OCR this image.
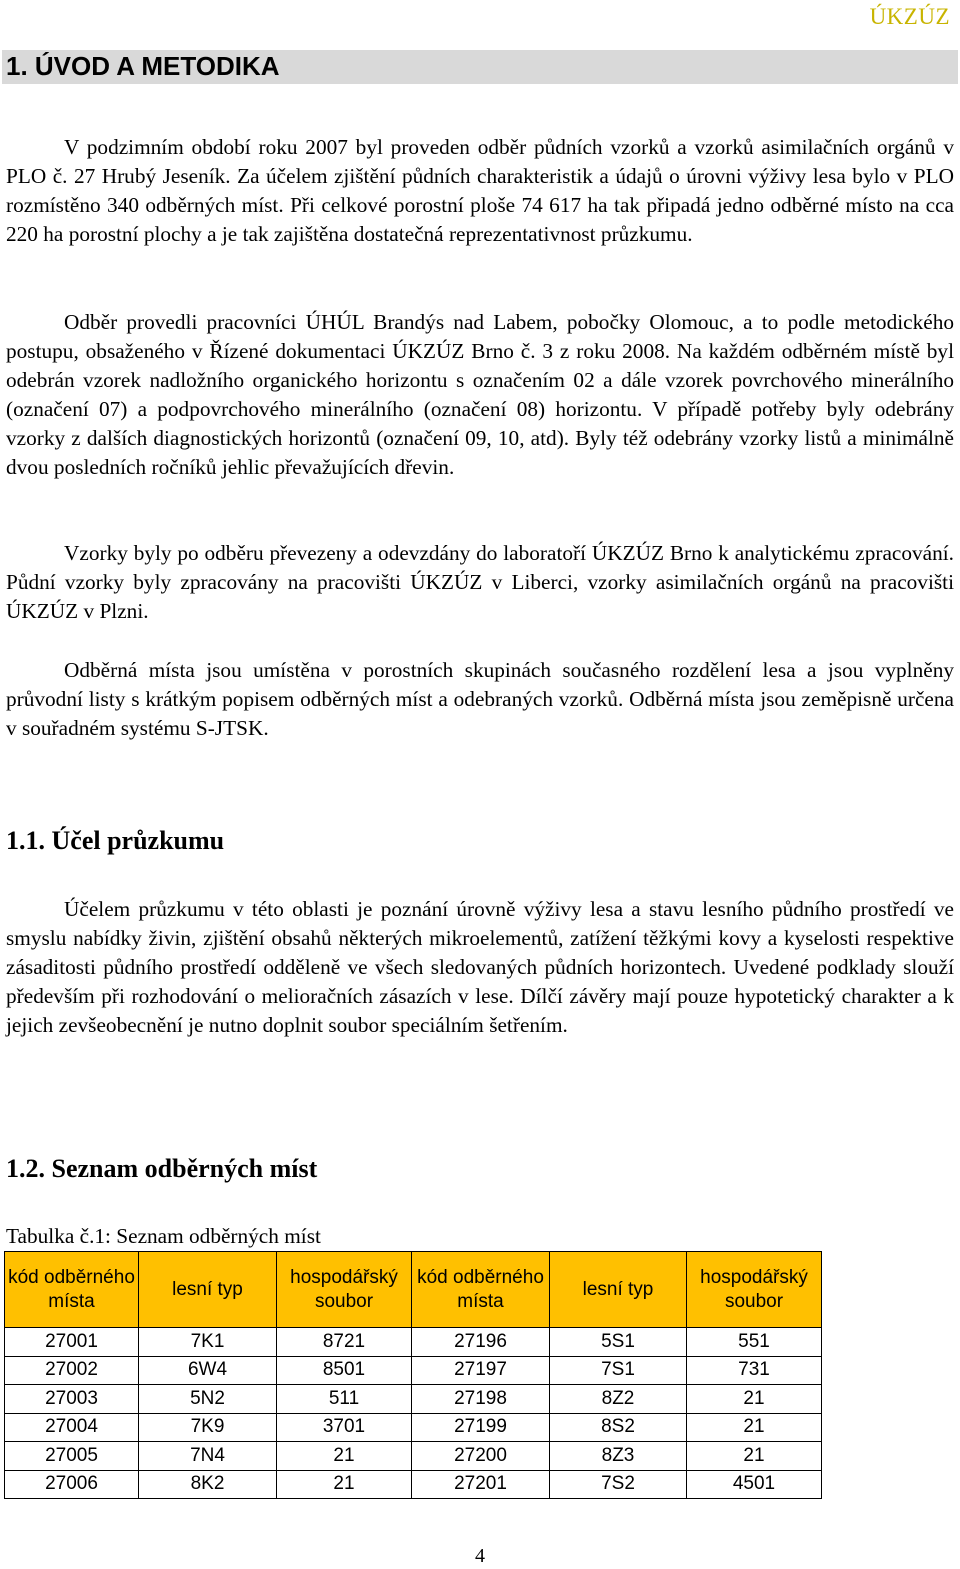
ÚKZÚZ
1. ÚVOD A METODIKA

V podzimním období roku 2007 byl proveden odběr půdních vzorků a vzorků asimilačních orgánů v PLO č. 27 Hrubý Jeseník. Za účelem zjištění půdních charakteristik a údajů o úrovni výživy lesa bylo v PLO rozmístěno 340 odběrných míst. Při celkové porostní ploše 74 617 ha tak připadá jedno odběrné místo na cca 220 ha porostní plochy a je tak zajištěna dostatečná reprezentativnost průzkumu.

Odběr provedli pracovníci ÚHÚL Brandýs nad Labem, pobočky Olomouc, a to podle metodického postupu, obsaženého v Řízené dokumentaci ÚKZÚZ Brno č. 3 z roku 2008. Na každém odběrném místě byl odebrán vzorek nadložního organického horizontu s označením 02 a dále vzorek povrchového minerálního (označení 07) a podpovrchového minerálního (označení 08) horizontu. V případě potřeby byly odebrány vzorky z dalších diagnostických horizontů (označení 09, 10, atd). Byly též odebrány vzorky listů a minimálně dvou posledních ročníků jehlic převažujících dřevin.

Vzorky byly po odběru převezeny a odevzdány do laboratoří ÚKZÚZ Brno k analytickému zpracování. Půdní vzorky byly zpracovány na pracovišti ÚKZÚZ v Liberci, vzorky asimilačních orgánů na pracovišti ÚKZÚZ v Plzni.

Odběrná místa jsou umístěna v porostních skupinách současného rozdělení lesa a jsou vyplněny průvodní listy s krátkým popisem odběrných míst a odebraných vzorků. Odběrná místa jsou zeměpisně určena v souřadném systému S-JTSK.

1.1. Účel průzkumu

Účelem průzkumu v této oblasti je poznání úrovně výživy lesa a stavu lesního půdního prostředí ve smyslu nabídky živin, zjištění obsahů některých mikroelementů, zatížení těžkými kovy a kyselosti respektive zásaditosti půdního prostředí odděleně ve všech sledovaných půdních horizontech. Uvedené podklady slouží především při rozhodování o melioračních zásazích v lese. Dílčí závěry mají pouze hypotetický charakter a k jejich zevšeobecnění je nutno doplnit soubor speciálním šetřením.

1.2. Seznam odběrných míst
Tabulka č.1: Seznam odběrných míst
kód odběrného místa	lesní typ	hospodářský soubor	kód odběrného místa	lesní typ	hospodářský soubor
27001	7K1	8721	27196	5S1	551
27002	6W4	8501	27197	7S1	731
27003	5N2	511	27198	8Z2	21
27004	7K9	3701	27199	8S2	21
27005	7N4	21	27200	8Z3	21
27006	8K2	21	27201	7S2	4501
4
